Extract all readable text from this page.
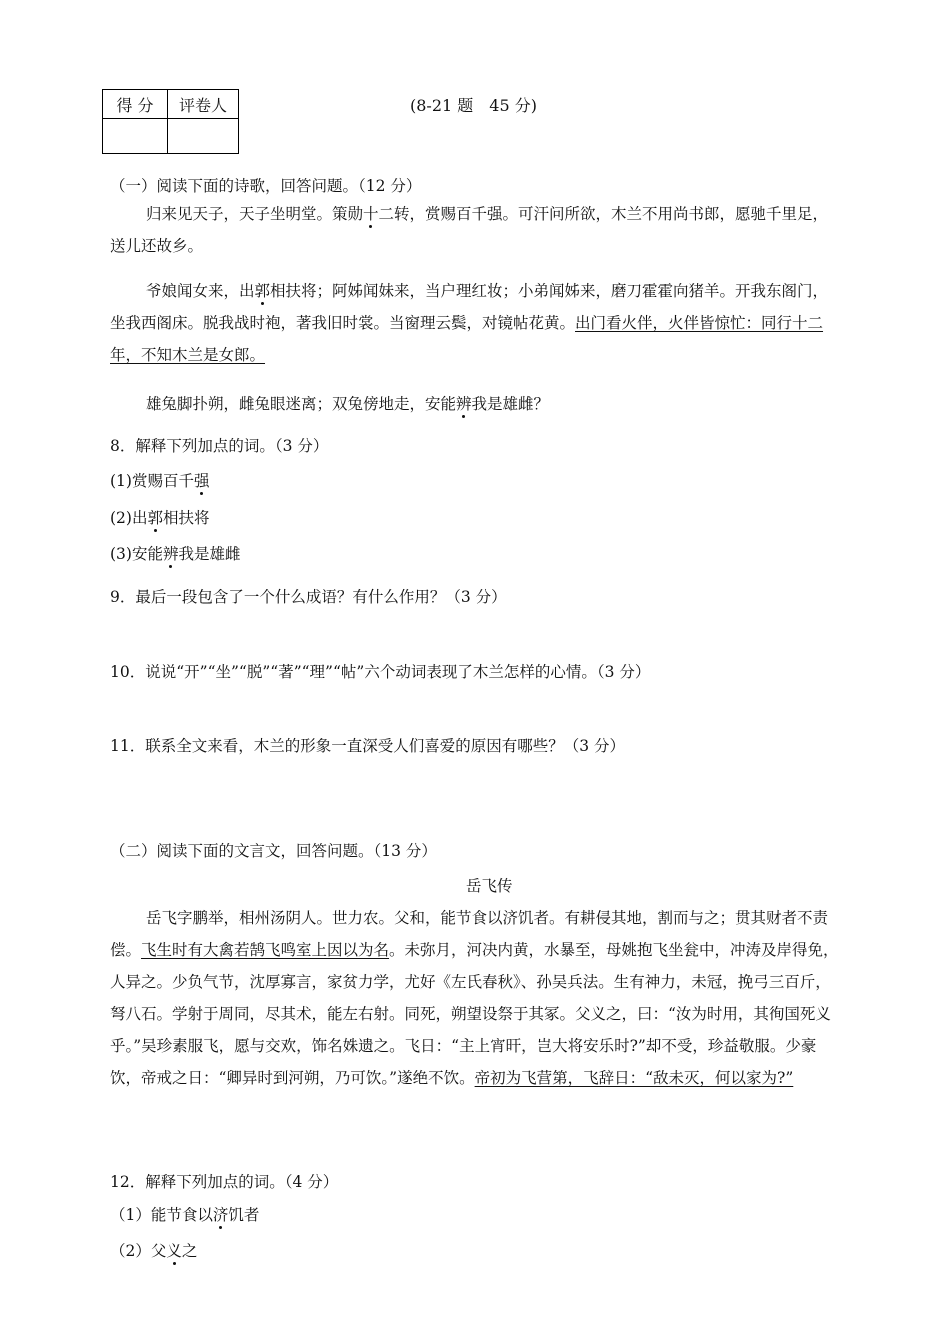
得 分	评卷人
		(8-21 题　45 分)
（一）阅读下面的诗歌，回答问题。（12 分）
归来见天子，天子坐明堂。策勋十二转，赏赐百千强。可汗问所欲，木兰不用尚书郎，愿驰千里足，送儿还故乡。
爷娘闻女来，出郭相扶将；阿姊闻妹来，当户理红妆；小弟闻姊来，磨刀霍霍向猪羊。开我东阁门，坐我西阁床。脱我战时袍，著我旧时裳。当窗理云鬓，对镜帖花黄。出门看火伴，火伴皆惊忙：同行十二年，不知木兰是女郎。
雄兔脚扑朔，雌兔眼迷离；双兔傍地走，安能辨我是雄雌？
8．解释下列加点的词。（3 分）
(1)赏赐百千强
(2)出郭相扶将
(3)安能辨我是雄雌
9．最后一段包含了一个什么成语？有什么作用？（3 分）
10．说说“开”“坐”“脱”“著”“理”“帖”六个动词表现了木兰怎样的心情。（3 分）
11．联系全文来看，木兰的形象一直深受人们喜爱的原因有哪些？（3 分）
（二）阅读下面的文言文，回答问题。（13 分）
岳飞传
岳飞字鹏举，相州汤阴人。世力农。父和，能节食以济饥者。有耕侵其地，割而与之；贯其财者不责偿。飞生时有大禽若鹄飞鸣室上因以为名。未弥月，河决内黄，水暴至，母姚抱飞坐瓮中，冲涛及岸得免，人异之。少负气节，沈厚寡言，家贫力学，尤好《左氏春秋》、孙吴兵法。生有神力，未冠，挽弓三百斤，弩八石。学射于周同，尽其术，能左右射。同死，朔望设祭于其冢。父义之，曰：“汝为时用，其徇国死义乎。”吴珍素服飞，愿与交欢，饰名姝遗之。飞日：“主上宵旰，岂大将安乐时?”却不受，珍益敬服。少豪饮，帝戒之日：“卿异时到河朔，乃可饮。”遂绝不饮。帝初为飞营第，飞辞日：“敌未灭，何以家为?”
12．解释下列加点的词。（4 分）
（1）能节食以济饥者
（2）父义之
